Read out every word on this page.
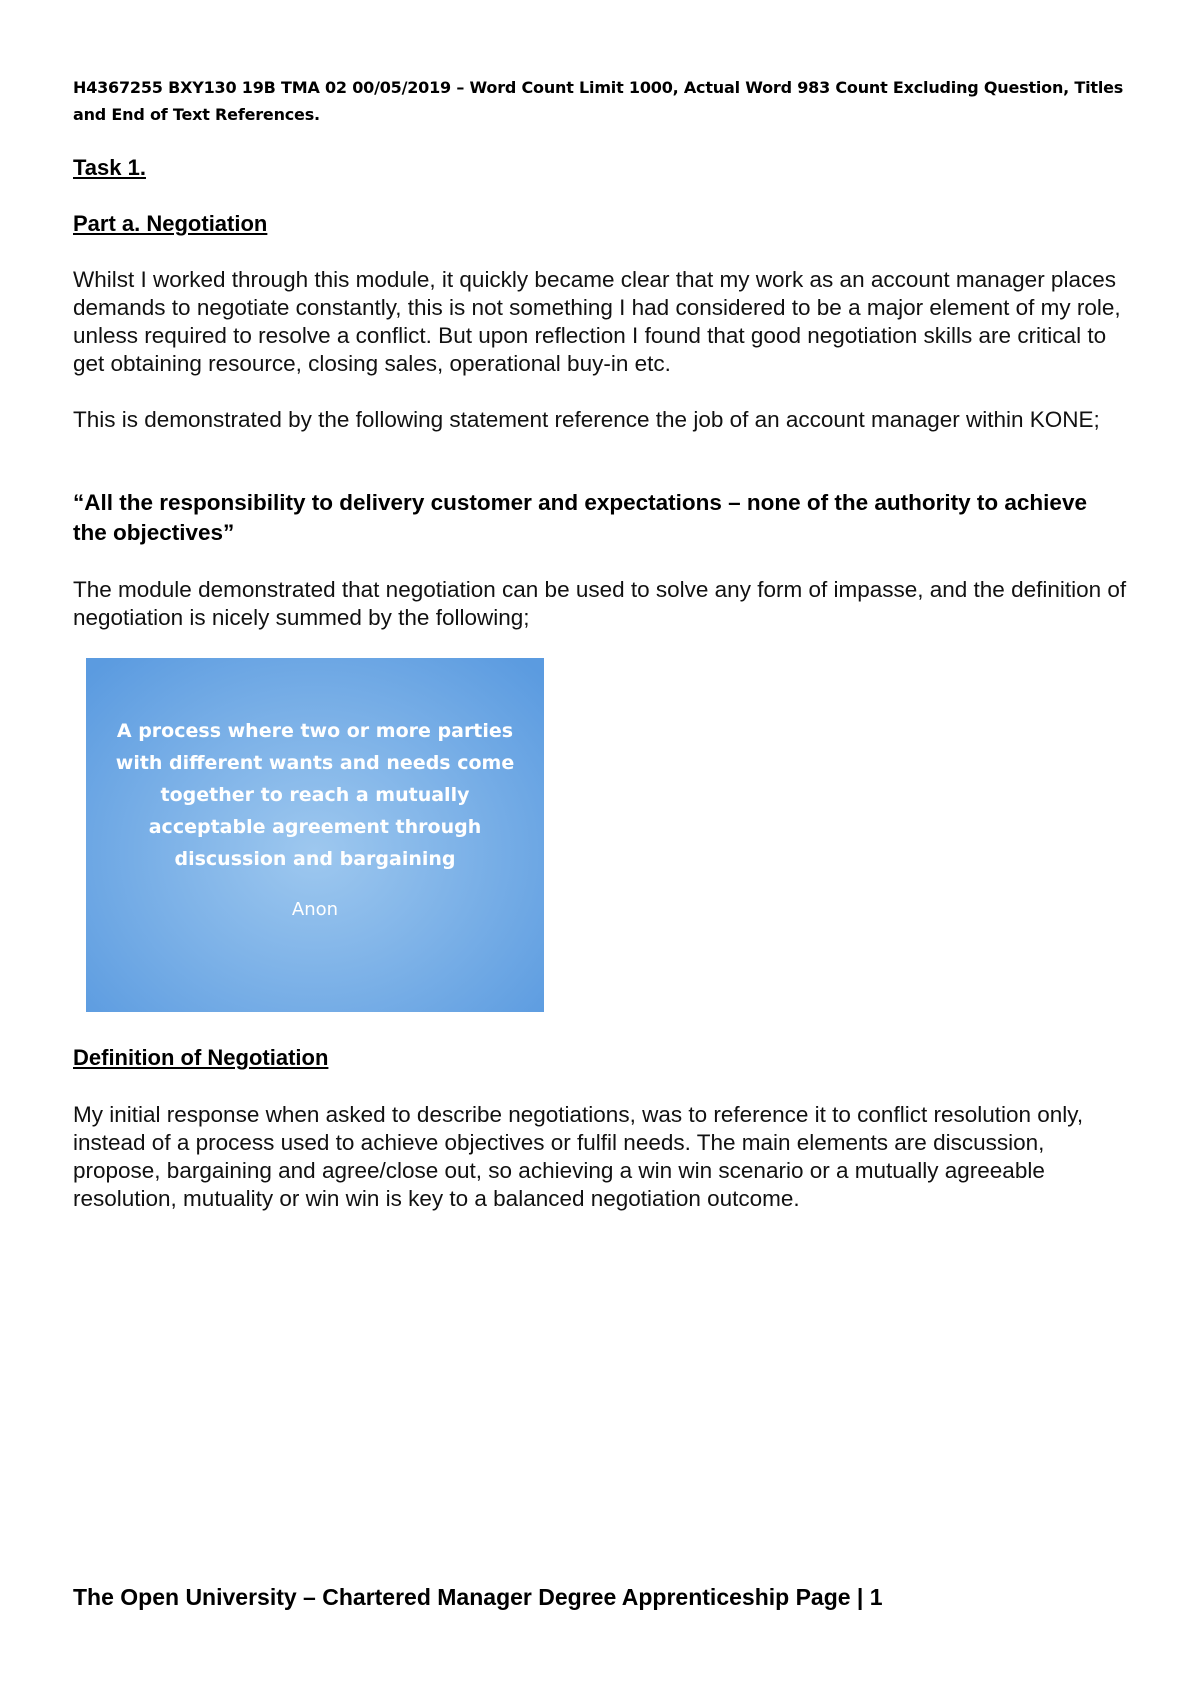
H4367255 BXY130 19B TMA 02 00/05/2019 – Word Count Limit 1000, Actual Word 983 Count Excluding Question, Titles and End of Text References.
Task 1.
Part a. Negotiation
Whilst I worked through this module, it quickly became clear that my work as an account manager places demands to negotiate constantly, this is not something I had considered to be a major element of my role, unless required to resolve a conflict. But upon reflection I found that good negotiation skills are critical to get obtaining resource, closing sales, operational buy-in etc.
This is demonstrated by the following statement reference the job of an account manager within KONE;
“All the responsibility to delivery customer and expectations – none of the authority to achieve the objectives”
The module demonstrated that negotiation can be used to solve any form of impasse, and the definition of negotiation is nicely summed by the following;
A process where two or more parties
with different wants and needs come
together to reach a mutually
acceptable agreement through
discussion and bargaining
Anon
Definition of Negotiation
My initial response when asked to describe negotiations, was to reference it to conflict resolution only, instead of a process used to achieve objectives or fulfil needs. The main elements are discussion, propose, bargaining and agree/close out, so achieving a win win scenario or a mutually agreeable resolution, mutuality or win win is key to a balanced negotiation outcome.
The Open University – Chartered Manager Degree Apprenticeship Page | 1
